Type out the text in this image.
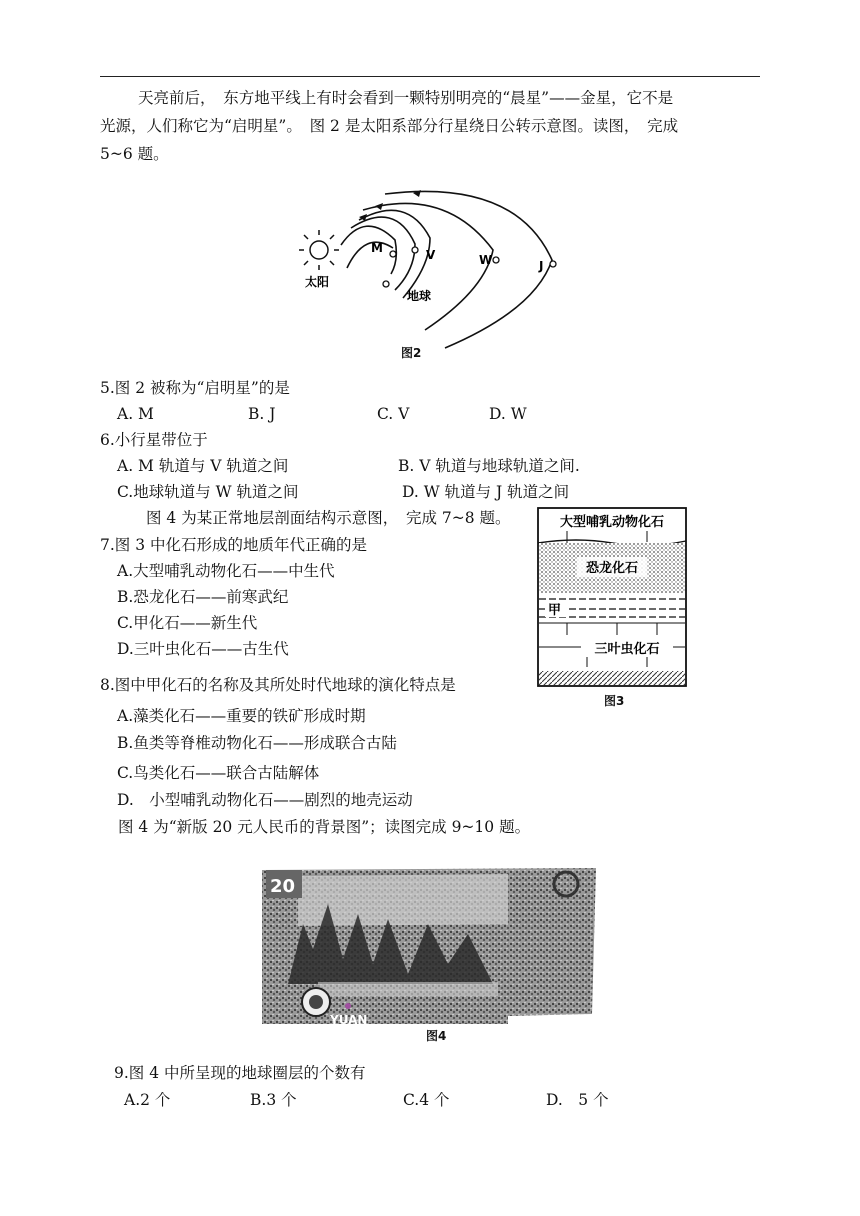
天亮前后，　东方地平线上有时会看到一颗特别明亮的“晨星”——金星，它不是
光源，人们称它为“启明星”。　图 2 是太阳系部分行星绕日公转示意图。读图，　完成
5~6 题。
M	V	W	J
太阳
地球
图2
5.图 2 被称为“启明星”的是
A. M	B. J	C. V	D. W
6.小行星带位于
A. M 轨道与 V 轨道之间	B. V 轨道与地球轨道之间.
C.地球轨道与 W 轨道之间	D. W 轨道与 J 轨道之间
图 4 为某正常地层剖面结构示意图，　完成 7~8 题。
7.图 3 中化石形成的地质年代正确的是
A.大型哺乳动物化石——中生代
B.恐龙化石——前寒武纪
C.甲化石——新生代
D.三叶虫化石——古生代
大型哺乳动物化石
恐龙化石
甲
三叶虫化石
图3
8.图中甲化石的名称及其所处时代地球的演化特点是
A.藻类化石——重要的铁矿形成时期
B.鱼类等脊椎动物化石——形成联合古陆
C.鸟类化石——联合古陆解体
D.　小型哺乳动物化石——剧烈的地壳运动
图 4 为“新版 20 元人民币的背景图”；读图完成 9~10 题。
20
YUAN
图4
9.图 4 中所呈现的地球圈层的个数有
A.2 个	B.3 个	C.4 个	D.　5 个
